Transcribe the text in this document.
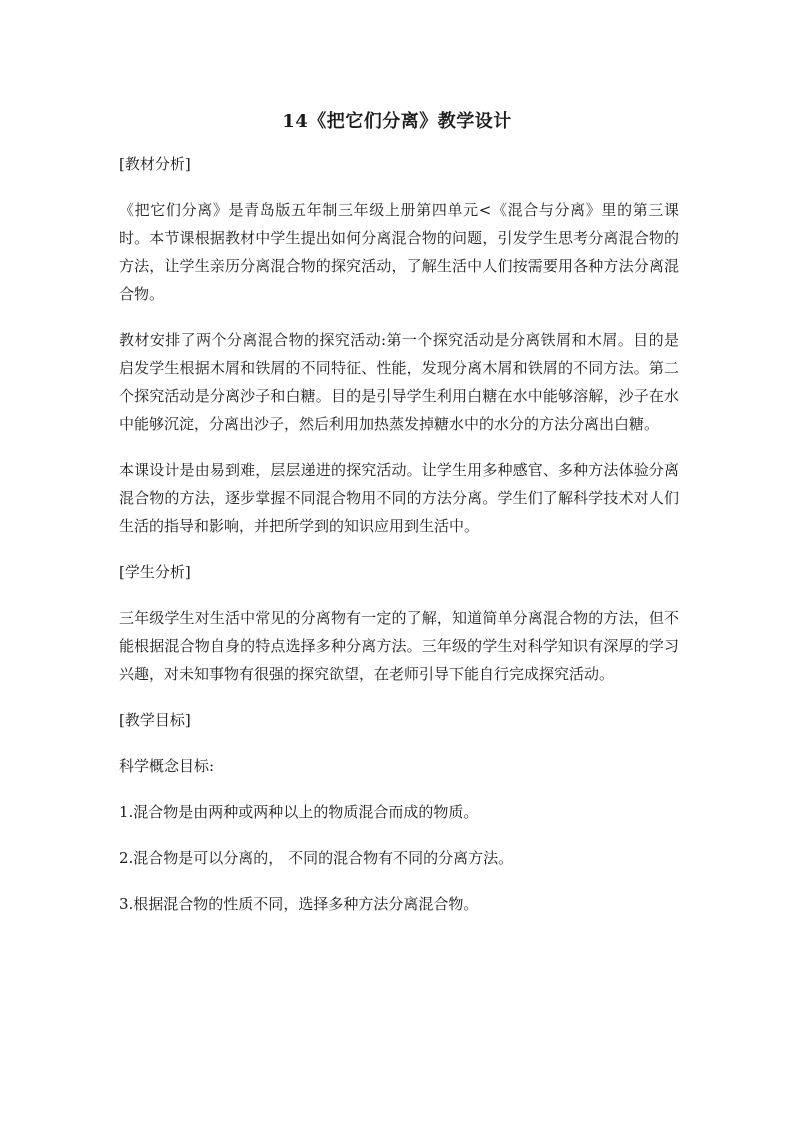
14《把它们分离》教学设计

[教材分析]

《把它们分离》是青岛版五年制三年级上册第四单元<《混合与分离》里的第三课时。本节课根据教材中学生提出如何分离混合物的问题，引发学生思考分离混合物的方法，让学生亲历分离混合物的探究活动，了解生活中人们按需要用各种方法分离混合物。

教材安排了两个分离混合物的探究活动:第一个探究活动是分离铁屑和木屑。目的是启发学生根据木屑和铁屑的不同特征、性能，发现分离木屑和铁屑的不同方法。第二个探究活动是分离沙子和白糖。目的是引导学生利用白糖在水中能够溶解，沙子在水中能够沉淀，分离出沙子，然后利用加热蒸发掉糖水中的水分的方法分离出白糖。

本课设计是由易到难，层层递进的探究活动。让学生用多种感官、多种方法体验分离混合物的方法，逐步掌握不同混合物用不同的方法分离。学生们了解科学技术对人们生活的指导和影响，并把所学到的知识应用到生活中。

[学生分析]

三年级学生对生活中常见的分离物有一定的了解，知道简单分离混合物的方法，但不能根据混合物自身的特点选择多种分离方法。三年级的学生对科学知识有深厚的学习兴趣，对未知事物有很强的探究欲望，在老师引导下能自行完成探究活动。

[教学目标]

科学概念目标:

1.混合物是由两种或两种以上的物质混合而成的物质。

2.混合物是可以分离的， 不同的混合物有不同的分离方法。

3.根据混合物的性质不同，选择多种方法分离混合物。
